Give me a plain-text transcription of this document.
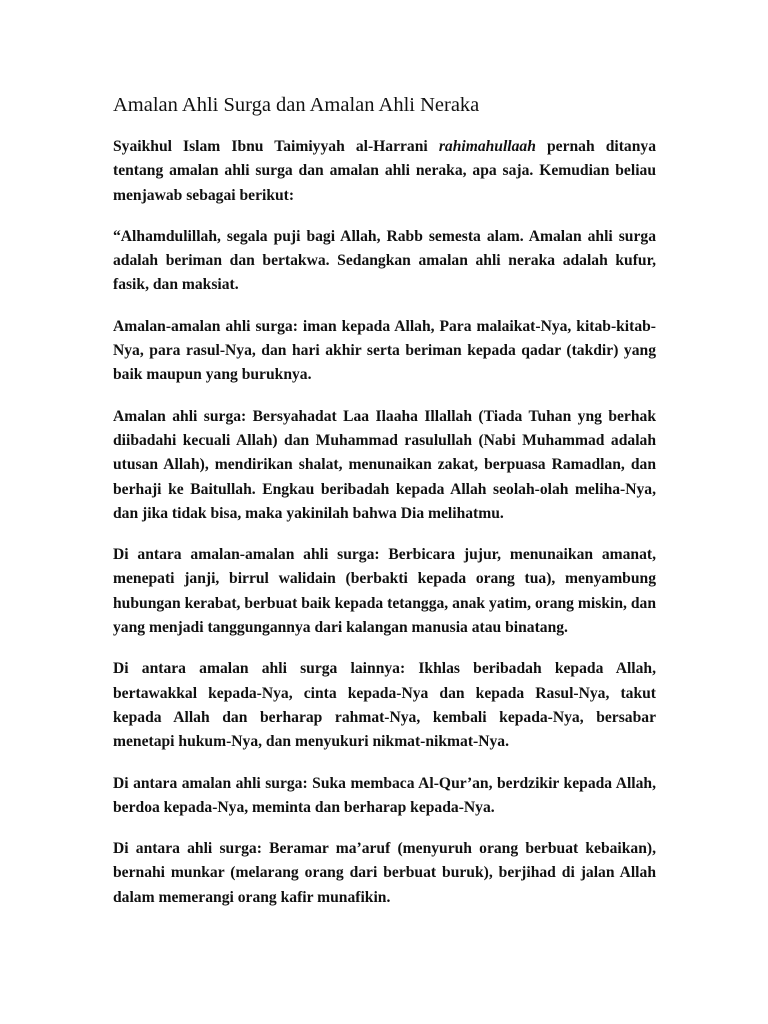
Amalan Ahli Surga dan Amalan Ahli Neraka

Syaikhul Islam Ibnu Taimiyyah al-Harrani rahimahullaah pernah ditanya tentang amalan ahli surga dan amalan ahli neraka, apa saja. Kemudian beliau menjawab sebagai berikut:

“Alhamdulillah, segala puji bagi Allah, Rabb semesta alam. Amalan ahli surga adalah beriman dan bertakwa. Sedangkan amalan ahli neraka adalah kufur, fasik, dan maksiat.

Amalan-amalan ahli surga: iman kepada Allah, Para malaikat-Nya, kitab-kitab-Nya, para rasul-Nya, dan hari akhir serta beriman kepada qadar (takdir) yang baik maupun yang buruknya.

Amalan ahli surga: Bersyahadat Laa Ilaaha Illallah (Tiada Tuhan yng berhak diibadahi kecuali Allah) dan Muhammad rasulullah (Nabi Muhammad adalah utusan Allah), mendirikan shalat, menunaikan zakat, berpuasa Ramadlan, dan berhaji ke Baitullah. Engkau beribadah kepada Allah seolah-olah meliha-Nya, dan jika tidak bisa, maka yakinilah bahwa Dia melihatmu.

Di antara amalan-amalan ahli surga: Berbicara jujur, menunaikan amanat, menepati janji, birrul walidain (berbakti kepada orang tua), menyambung hubungan kerabat, berbuat baik kepada tetangga, anak yatim, orang miskin, dan yang menjadi tanggungannya dari kalangan manusia atau binatang.

Di antara amalan ahli surga lainnya: Ikhlas beribadah kepada Allah, bertawakkal kepada-Nya, cinta kepada-Nya dan kepada Rasul-Nya, takut kepada Allah dan berharap rahmat-Nya, kembali kepada-Nya, bersabar menetapi hukum-Nya, dan menyukuri nikmat-nikmat-Nya.

Di antara amalan ahli surga: Suka membaca Al-Qur’an, berdzikir kepada Allah, berdoa kepada-Nya, meminta dan berharap kepada-Nya.

Di antara ahli surga: Beramar ma’aruf (menyuruh orang berbuat kebaikan), bernahi munkar (melarang orang dari berbuat buruk), berjihad di jalan Allah dalam memerangi orang kafir munafikin.
